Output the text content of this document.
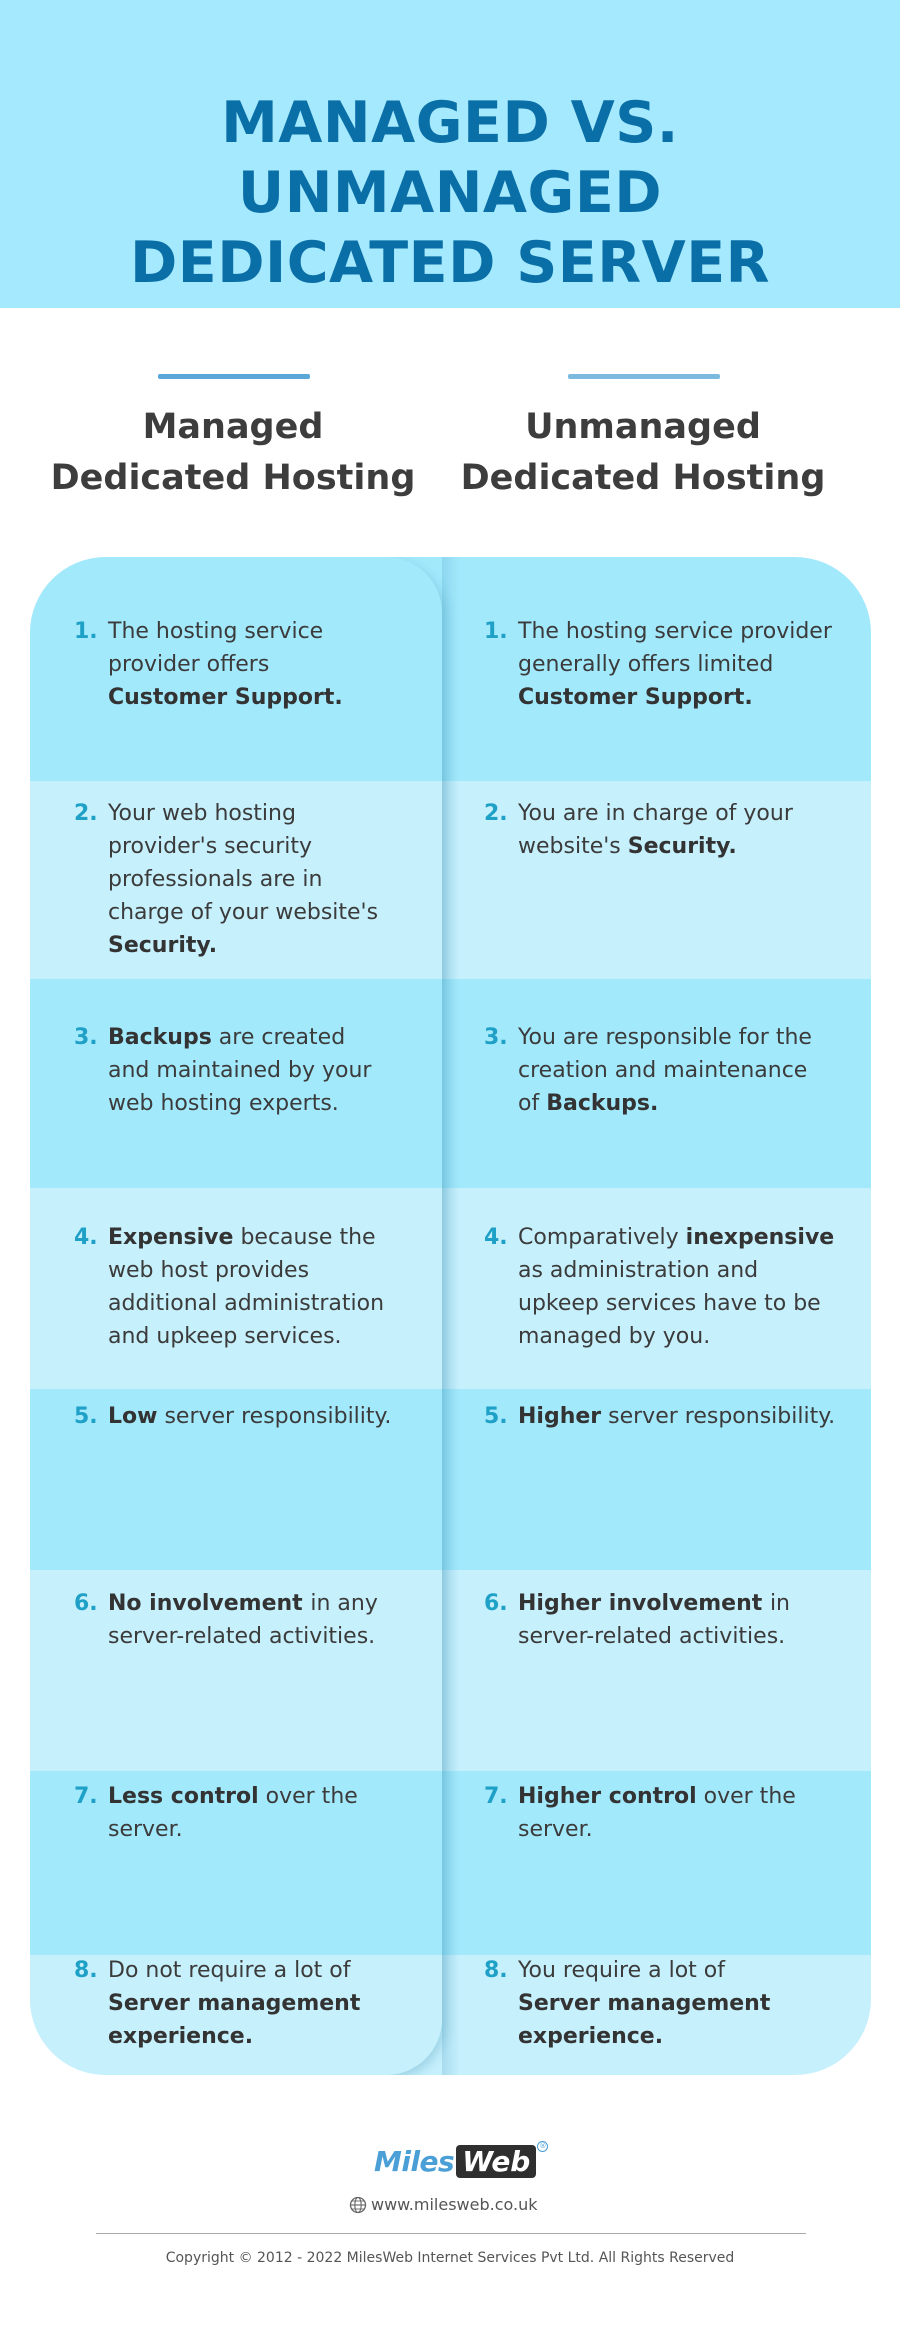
MANAGED VS. UNMANAGED
DEDICATED SERVER
Managed
Dedicated Hosting
Unmanaged
Dedicated Hosting
1. The hosting service
provider offers
Customer Support.
1. The hosting service provider
generally offers limited
Customer Support.
2. Your web hosting
provider's security
professionals are in
charge of your website's
Security.
2. You are in charge of your
website's Security.
3. Backups are created
and maintained by your
web hosting experts.
3. You are responsible for the
creation and maintenance
of Backups.
4. Expensive because the
web host provides
additional administration
and upkeep services.
4. Comparatively inexpensive
as administration and
upkeep services have to be
managed by you.
5. Low server responsibility.	5. Higher server responsibility.
6. No involvement in any
server-related activities.
6. Higher involvement in
server-related activities.
7. Less control over the
server.
7. Higher control over the
server.
8. Do not require a lot of
Server management
experience.
8. You require a lot of
Server management
experience.
Miles Web ®
www.milesweb.co.uk
Copyright © 2012 - 2022 MilesWeb Internet Services Pvt Ltd. All Rights Reserved
